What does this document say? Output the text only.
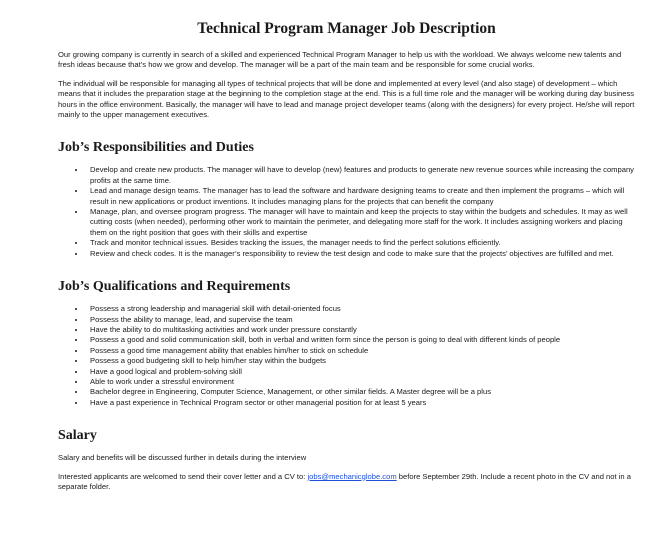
Technical Program Manager Job Description

Our growing company is currently in search of a skilled and experienced Technical Program Manager to help us with the workload. We always welcome new talents and fresh ideas because that’s how we grow and develop. The manager will be a part of the main team and be responsible for some crucial works.

The individual will be responsible for managing all types of technical projects that will be done and implemented at every level (and also stage) of development – which means that it includes the preparation stage at the beginning to the completion stage at the end. This is a full time role and the manager will be working during day business hours in the office environment. Basically, the manager will have to lead and manage project developer teams (along with the designers) for every project. He/she will report mainly to the upper management executives.

Job’s Responsibilities and Duties
• Develop and create new products. The manager will have to develop (new) features and products to generate new revenue sources while increasing the company profits at the same time.
• Lead and manage design teams. The manager has to lead the software and hardware designing teams to create and then implement the programs – which will result in new applications or product inventions. It includes managing plans for the projects that can benefit the company
• Manage, plan, and oversee program progress. The manager will have to maintain and keep the projects to stay within the budgets and schedules. It may as well cutting costs (when needed), performing other work to maintain the perimeter, and delegating more staff for the work. It includes assigning workers and placing them on the right position that goes with their skills and expertise
• Track and monitor technical issues. Besides tracking the issues, the manager needs to find the perfect solutions efficiently.
• Review and check codes. It is the manager’s responsibility to review the test design and code to make sure that the projects’ objectives are fulfilled and met.
Job’s Qualifications and Requirements
• Possess a strong leadership and managerial skill with detail-oriented focus
• Possess the ability to manage, lead, and supervise the team
• Have the ability to do multitasking activities and work under pressure constantly
• Possess a good and solid communication skill, both in verbal and written form since the person is going to deal with different kinds of people
• Possess a good time management ability that enables him/her to stick on schedule
• Possess a good budgeting skill to help him/her stay within the budgets
• Have a good logical and problem-solving skill
• Able to work under a stressful environment
• Bachelor degree in Engineering, Computer Science, Management, or other similar fields. A Master degree will be a plus
• Have a past experience in Technical Program sector or other managerial position for at least 5 years
Salary

Salary and benefits will be discussed further in details during the interview

Interested applicants are welcomed to send their cover letter and a CV to: jobs@mechanicglobe.com before September 29th. Include a recent photo in the CV and not in a separate folder.
